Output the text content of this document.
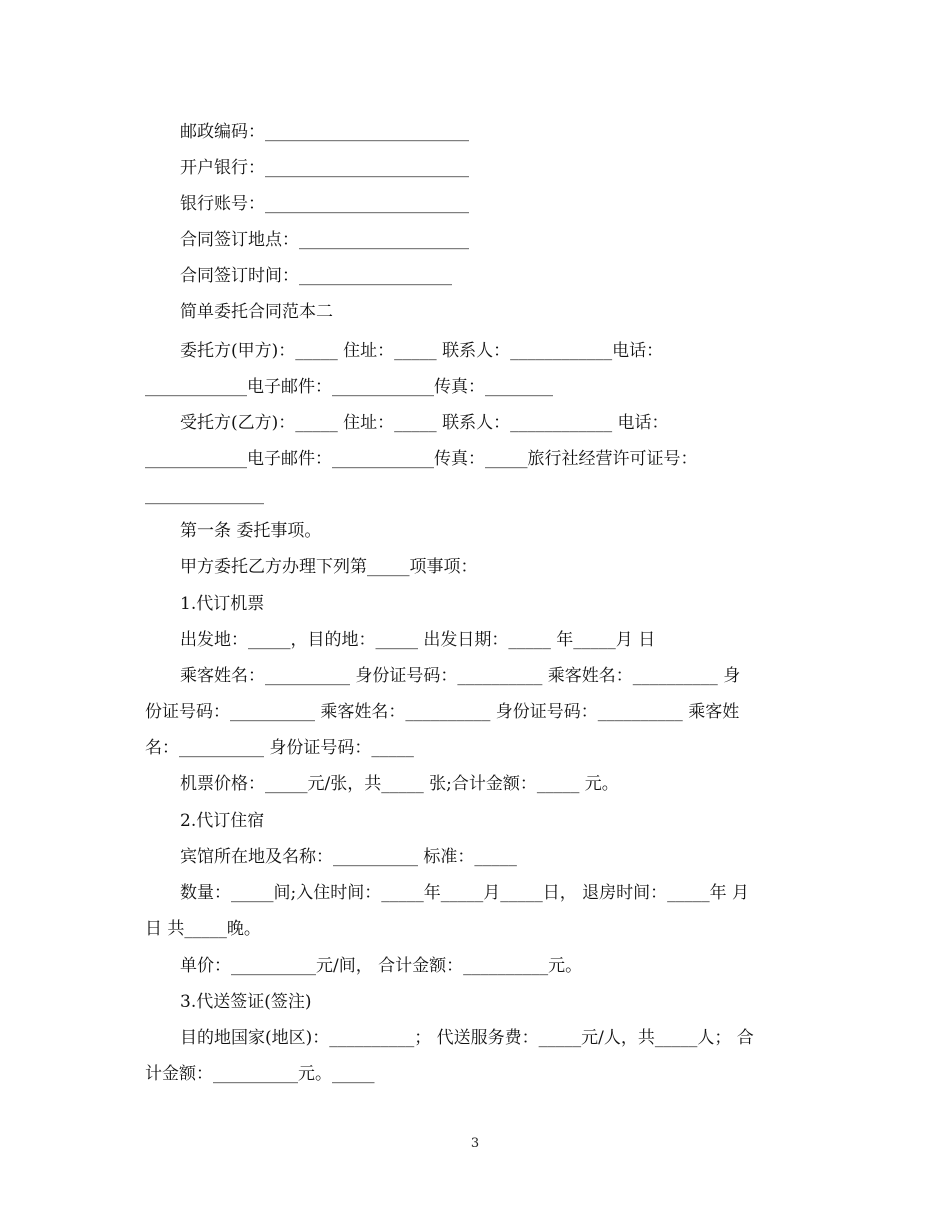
邮政编码：________________________
开户银行：________________________
银行账号：________________________
合同签订地点：____________________
合同签订时间：__________________
简单委托合同范本二
委托方(甲方)：_____ 住址：_____ 联系人：____________电话：
____________电子邮件：____________传真：________
受托方(乙方)：_____ 住址：_____ 联系人：____________ 电话：
____________电子邮件：____________传真：_____旅行社经营许可证号：
______________
第一条 委托事项。
甲方委托乙方办理下列第_____项事项：
1.代订机票
出发地：_____，目的地：_____ 出发日期：_____ 年_____月 日
乘客姓名：__________ 身份证号码：__________ 乘客姓名：__________ 身
份证号码：__________ 乘客姓名：__________ 身份证号码：__________ 乘客姓
名：__________ 身份证号码：_____
机票价格：_____元/张，共_____ 张;合计金额：_____ 元。
2.代订住宿
宾馆所在地及名称：__________ 标准：_____
数量：_____间;入住时间：_____年_____月_____日， 退房时间：_____年 月
日 共_____晚。
单价：__________元/间， 合计金额：__________元。
3.代送签证(签注)
目的地国家(地区)：__________； 代送服务费：_____元/人，共_____人； 合
计金额：__________元。_____
3
